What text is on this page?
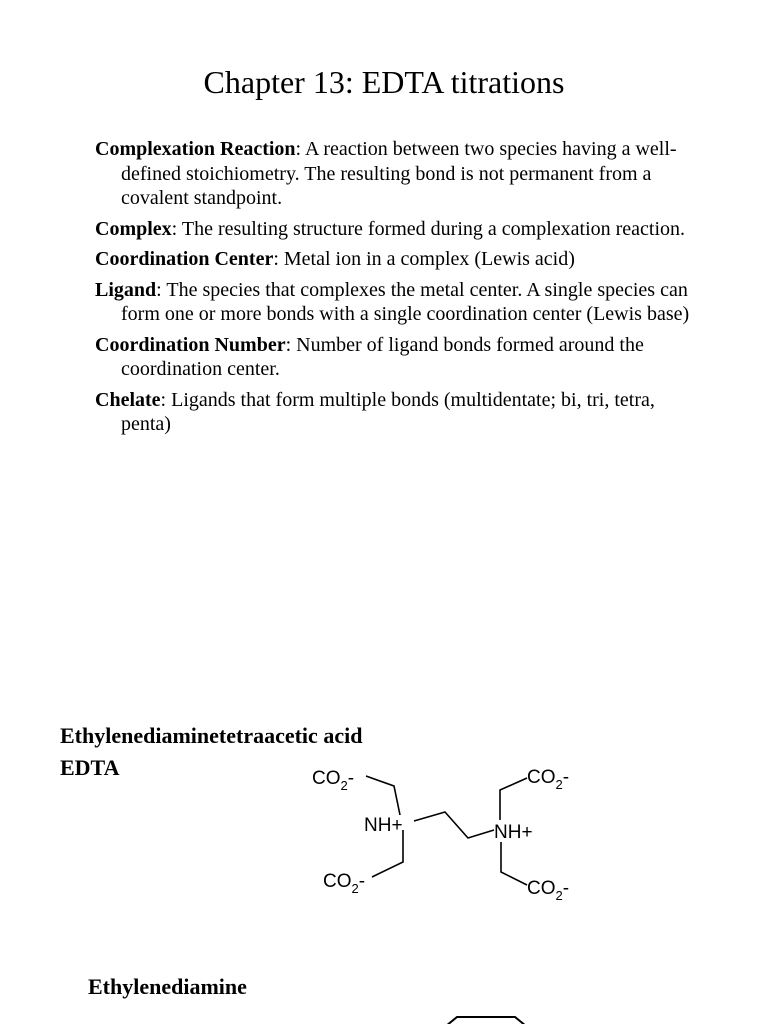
Chapter 13: EDTA titrations

Complexation Reaction: A reaction between two species having a well-defined stoichiometry. The resulting bond is not permanent from a covalent standpoint.

Complex: The resulting structure formed during a complexation reaction.

Coordination Center: Metal ion in a complex (Lewis acid)

Ligand: The species that complexes the metal center. A single species can form one or more bonds with a single coordination center (Lewis base)

Coordination Number: Number of ligand bonds formed around the coordination center.

Chelate: Ligands that form multiple bonds (multidentate; bi, tri, tetra, penta)

Ethylenediaminetetraacetic acid
EDTA	$CO_2-$	$CO_2-$
NH+	NH+
$CO_2-$	$CO_2-$
Ethylenediamine
